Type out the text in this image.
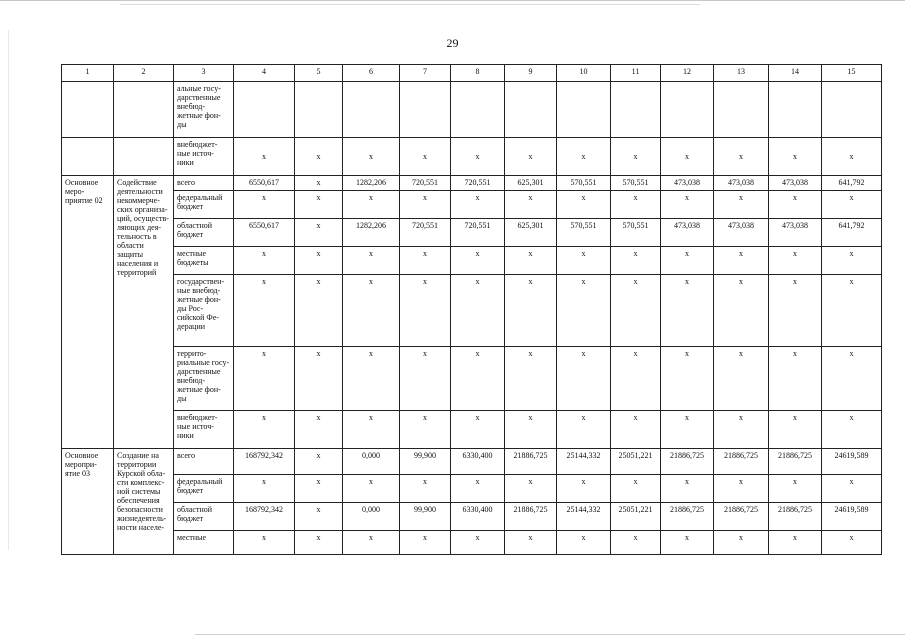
29
1	2	3	4	5	6	7	8	9	10	11	12	13	14	15
		альные госу-дарственные внебюд-жетные фон-ды												
		внебюджет-ные источ-ники	х	х	х	х	х	х	х	х	х	х	х	х
Основное меро-приятие 02	Содействие деятельности некоммерче-ских организа-ций, осуществ-ляющих дея-тельность в области защиты населения и территорий	всего	6550,617	х	1282,206	720,551	720,551	625,301	570,551	570,551	473,038	473,038	473,038	641,792
		федеральный бюджет	х	х	х	х	х	х	х	х	х	х	х	х
		областной бюджет	6550,617	х	1282,206	720,551	720,551	625,301	570,551	570,551	473,038	473,038	473,038	641,792
		местные бюджеты	х	х	х	х	х	х	х	х	х	х	х	х
		государствен-ные внебюд-жетные фон-ды Рос-сийской Фе-дерации	х	х	х	х	х	х	х	х	х	х	х	х
		террито-риальные госу-дарственные внебюд-жетные фон-ды	х	х	х	х	х	х	х	х	х	х	х	х
		внебюджет-ные источ-ники	х	х	х	х	х	х	х	х	х	х	х	х
Основное меропри-ятие 03	Создание на территории Курской обла-сти комплекс-ной системы обеспечения безопасности жизнедеятель-ности населе-	всего	168792,342	х	0,000	99,900	6330,400	21886,725	25144,332	25051,221	21886,725	21886,725	21886,725	24619,589
		федеральный бюджет	х	х	х	х	х	х	х	х	х	х	х	х
		областной бюджет	168792,342	х	0,000	99,900	6330,400	21886,725	25144,332	25051,221	21886,725	21886,725	21886,725	24619,589
		местные	х	х	х	х	х	х	х	х	х	х	х	х
